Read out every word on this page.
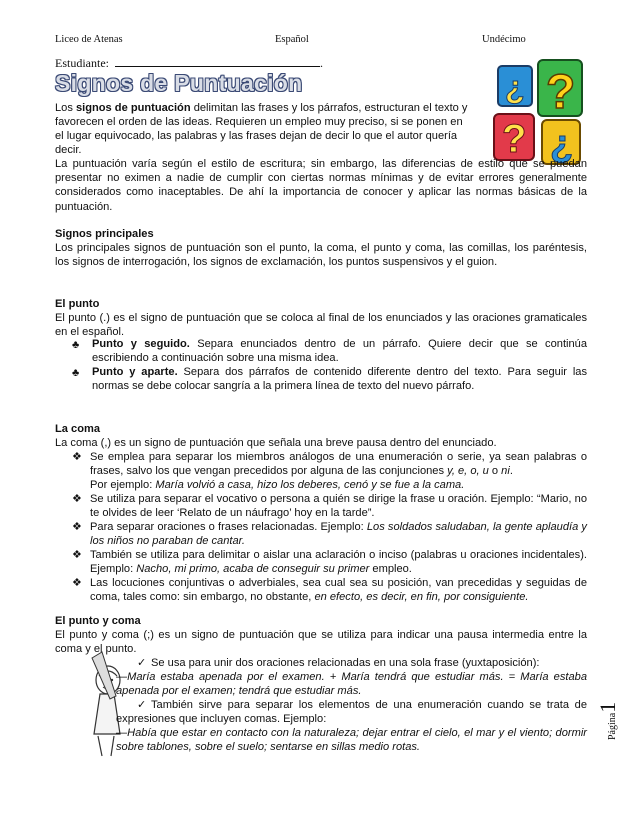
Liceo de Atenas	Español	Undécimo
Estudiante:	.
Signos de Puntuación	¿ ?
? ¿

Los signos de puntuación delimitan las frases y los párrafos, estructuran el texto y

favorecen el orden de las ideas. Requieren un empleo muy preciso, si se ponen en

el lugar equivocado, las palabras y las frases dejan de decir lo que el autor quería

decir.

La puntuación varía según el estilo de escritura; sin embargo, las diferencias de estilo que se puedan presentar no eximen a nadie de cumplir con ciertas normas mínimas y de evitar errores generalmente considerados como inaceptables. De ahí la importancia de conocer y aplicar las normas básicas de la puntuación.

Signos principales

Los principales signos de puntuación son el punto, la coma, el punto y coma, las comillas, los paréntesis, los signos de interrogación, los signos de exclamación, los puntos suspensivos y el guion.

El punto

El punto (.) es el signo de puntuación que se coloca al final de los enunciados y las oraciones gramaticales en el español.

♣ Punto y seguido. Separa enunciados dentro de un párrafo. Quiere decir que se continúa escribiendo a continuación sobre una misma idea.

♣ Punto y aparte. Separa dos párrafos de contenido diferente dentro del texto. Para seguir las normas se debe colocar sangría a la primera línea de texto del nuevo párrafo.

La coma

La coma (,) es un signo de puntuación que señala una breve pausa dentro del enunciado.

❖ Se emplea para separar los miembros análogos de una enumeración o serie, ya sean palabras o frases, salvo los que vengan precedidos por alguna de las conjunciones y, e, o, u o ni.

Por ejemplo: María volvió a casa, hizo los deberes, cenó y se fue a la cama.

❖ Se utiliza para separar el vocativo o persona a quién se dirige la frase u oración. Ejemplo: “Mario, no te olvides de leer ‘Relato de un náufrago’ hoy en la tarde”.

❖ Para separar oraciones o frases relacionadas. Ejemplo: Los soldados saludaban, la gente aplaudía y los niños no paraban de cantar.

❖ También se utiliza para delimitar o aislar una aclaración o inciso (palabras u oraciones incidentales). Ejemplo: Nacho, mi primo, acaba de conseguir su primer empleo.

❖ Las locuciones conjuntivas o adverbiales, sea cual sea su posición, van precedidas y seguidas de coma, tales como: sin embargo, no obstante, en efecto, es decir, en fin, por consiguiente.

El punto y coma

El punto y coma (;) es un signo de puntuación que se utiliza para indicar una pausa intermedia entre la coma y el punto.

✓ Se usa para unir dos oraciones relacionadas en una sola frase (yuxtaposición):

—María estaba apenada por el examen. + María tendrá que estudiar más. = María estaba apenada por el examen; tendrá que estudiar más.

✓ También sirve para separar los elementos de una enumeración cuando se trata de expresiones que incluyen comas. Ejemplo:

—Había que estar en contacto con la naturaleza; dejar entrar el cielo, el mar y el viento; dormir sobre tablones, sobre el suelo; sentarse en sillas medio rotas.

Página1
